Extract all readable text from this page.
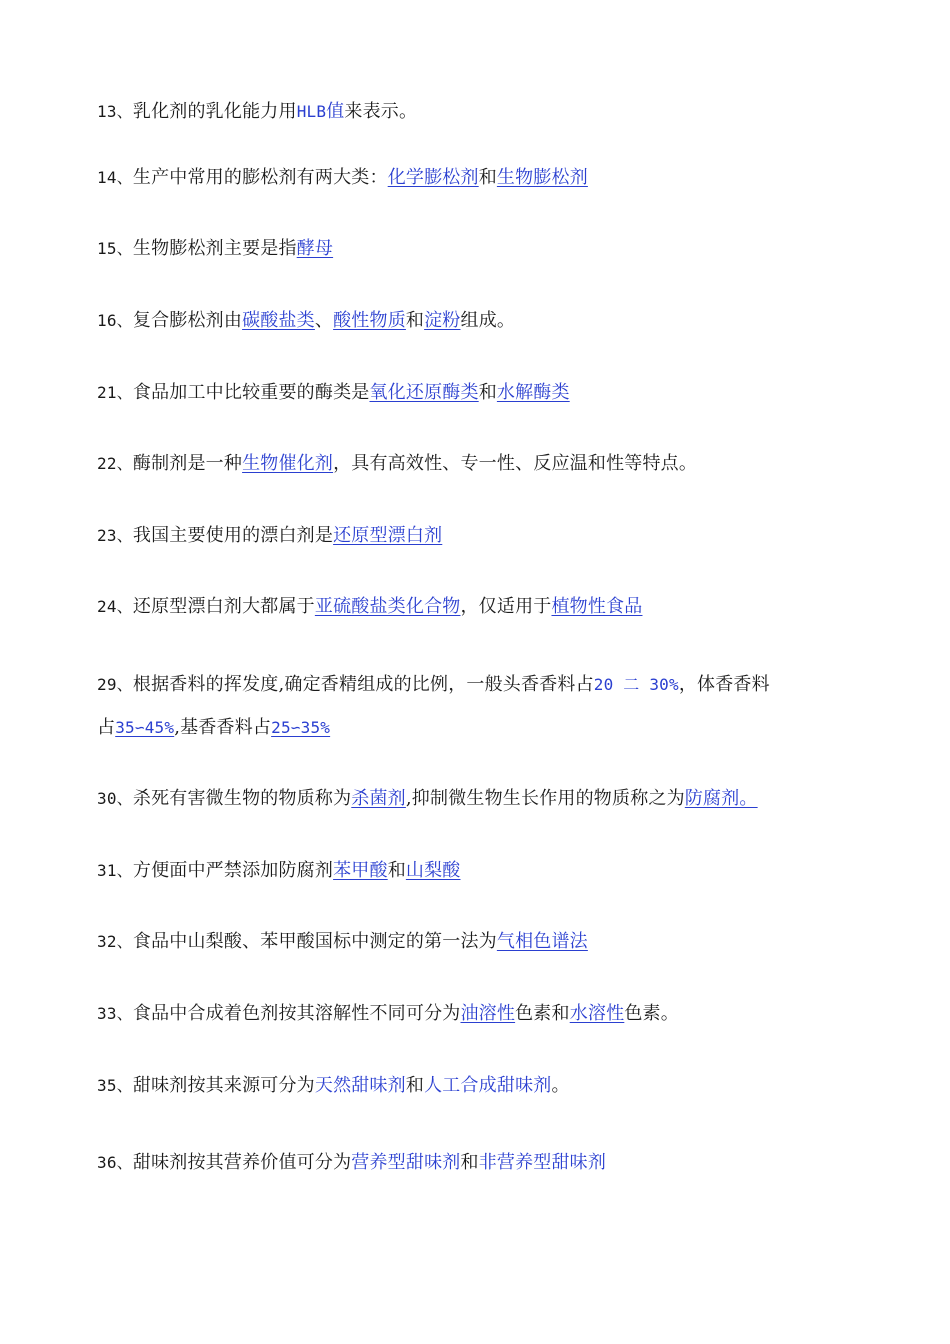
13、乳化剂的乳化能力用HLB值来表示。
14、生产中常用的膨松剂有两大类：化学膨松剂和生物膨松剂
15、生物膨松剂主要是指酵母
16、复合膨松剂由碳酸盐类、酸性物质和淀粉组成。
21、食品加工中比较重要的酶类是氧化还原酶类和水解酶类
22、酶制剂是一种生物催化剂，具有高效性、专一性、反应温和性等特点。
23、我国主要使用的漂白剂是还原型漂白剂
24、还原型漂白剂大都属于亚硫酸盐类化合物，仅适用于植物性食品
29、根据香料的挥发度,确定香精组成的比例，一般头香香料占20 二 30%，体香香料
占35∽45%,基香香料占25∽35%
30、杀死有害微生物的物质称为杀菌剂,抑制微生物生长作用的物质称之为防腐剂。
31、方便面中严禁添加防腐剂苯甲酸和山梨酸
32、食品中山梨酸、苯甲酸国标中测定的第一法为气相色谱法
33、食品中合成着色剂按其溶解性不同可分为油溶性色素和水溶性色素。
35、甜味剂按其来源可分为天然甜味剂和人工合成甜味剂。
36、甜味剂按其营养价值可分为营养型甜味剂和非营养型甜味剂
